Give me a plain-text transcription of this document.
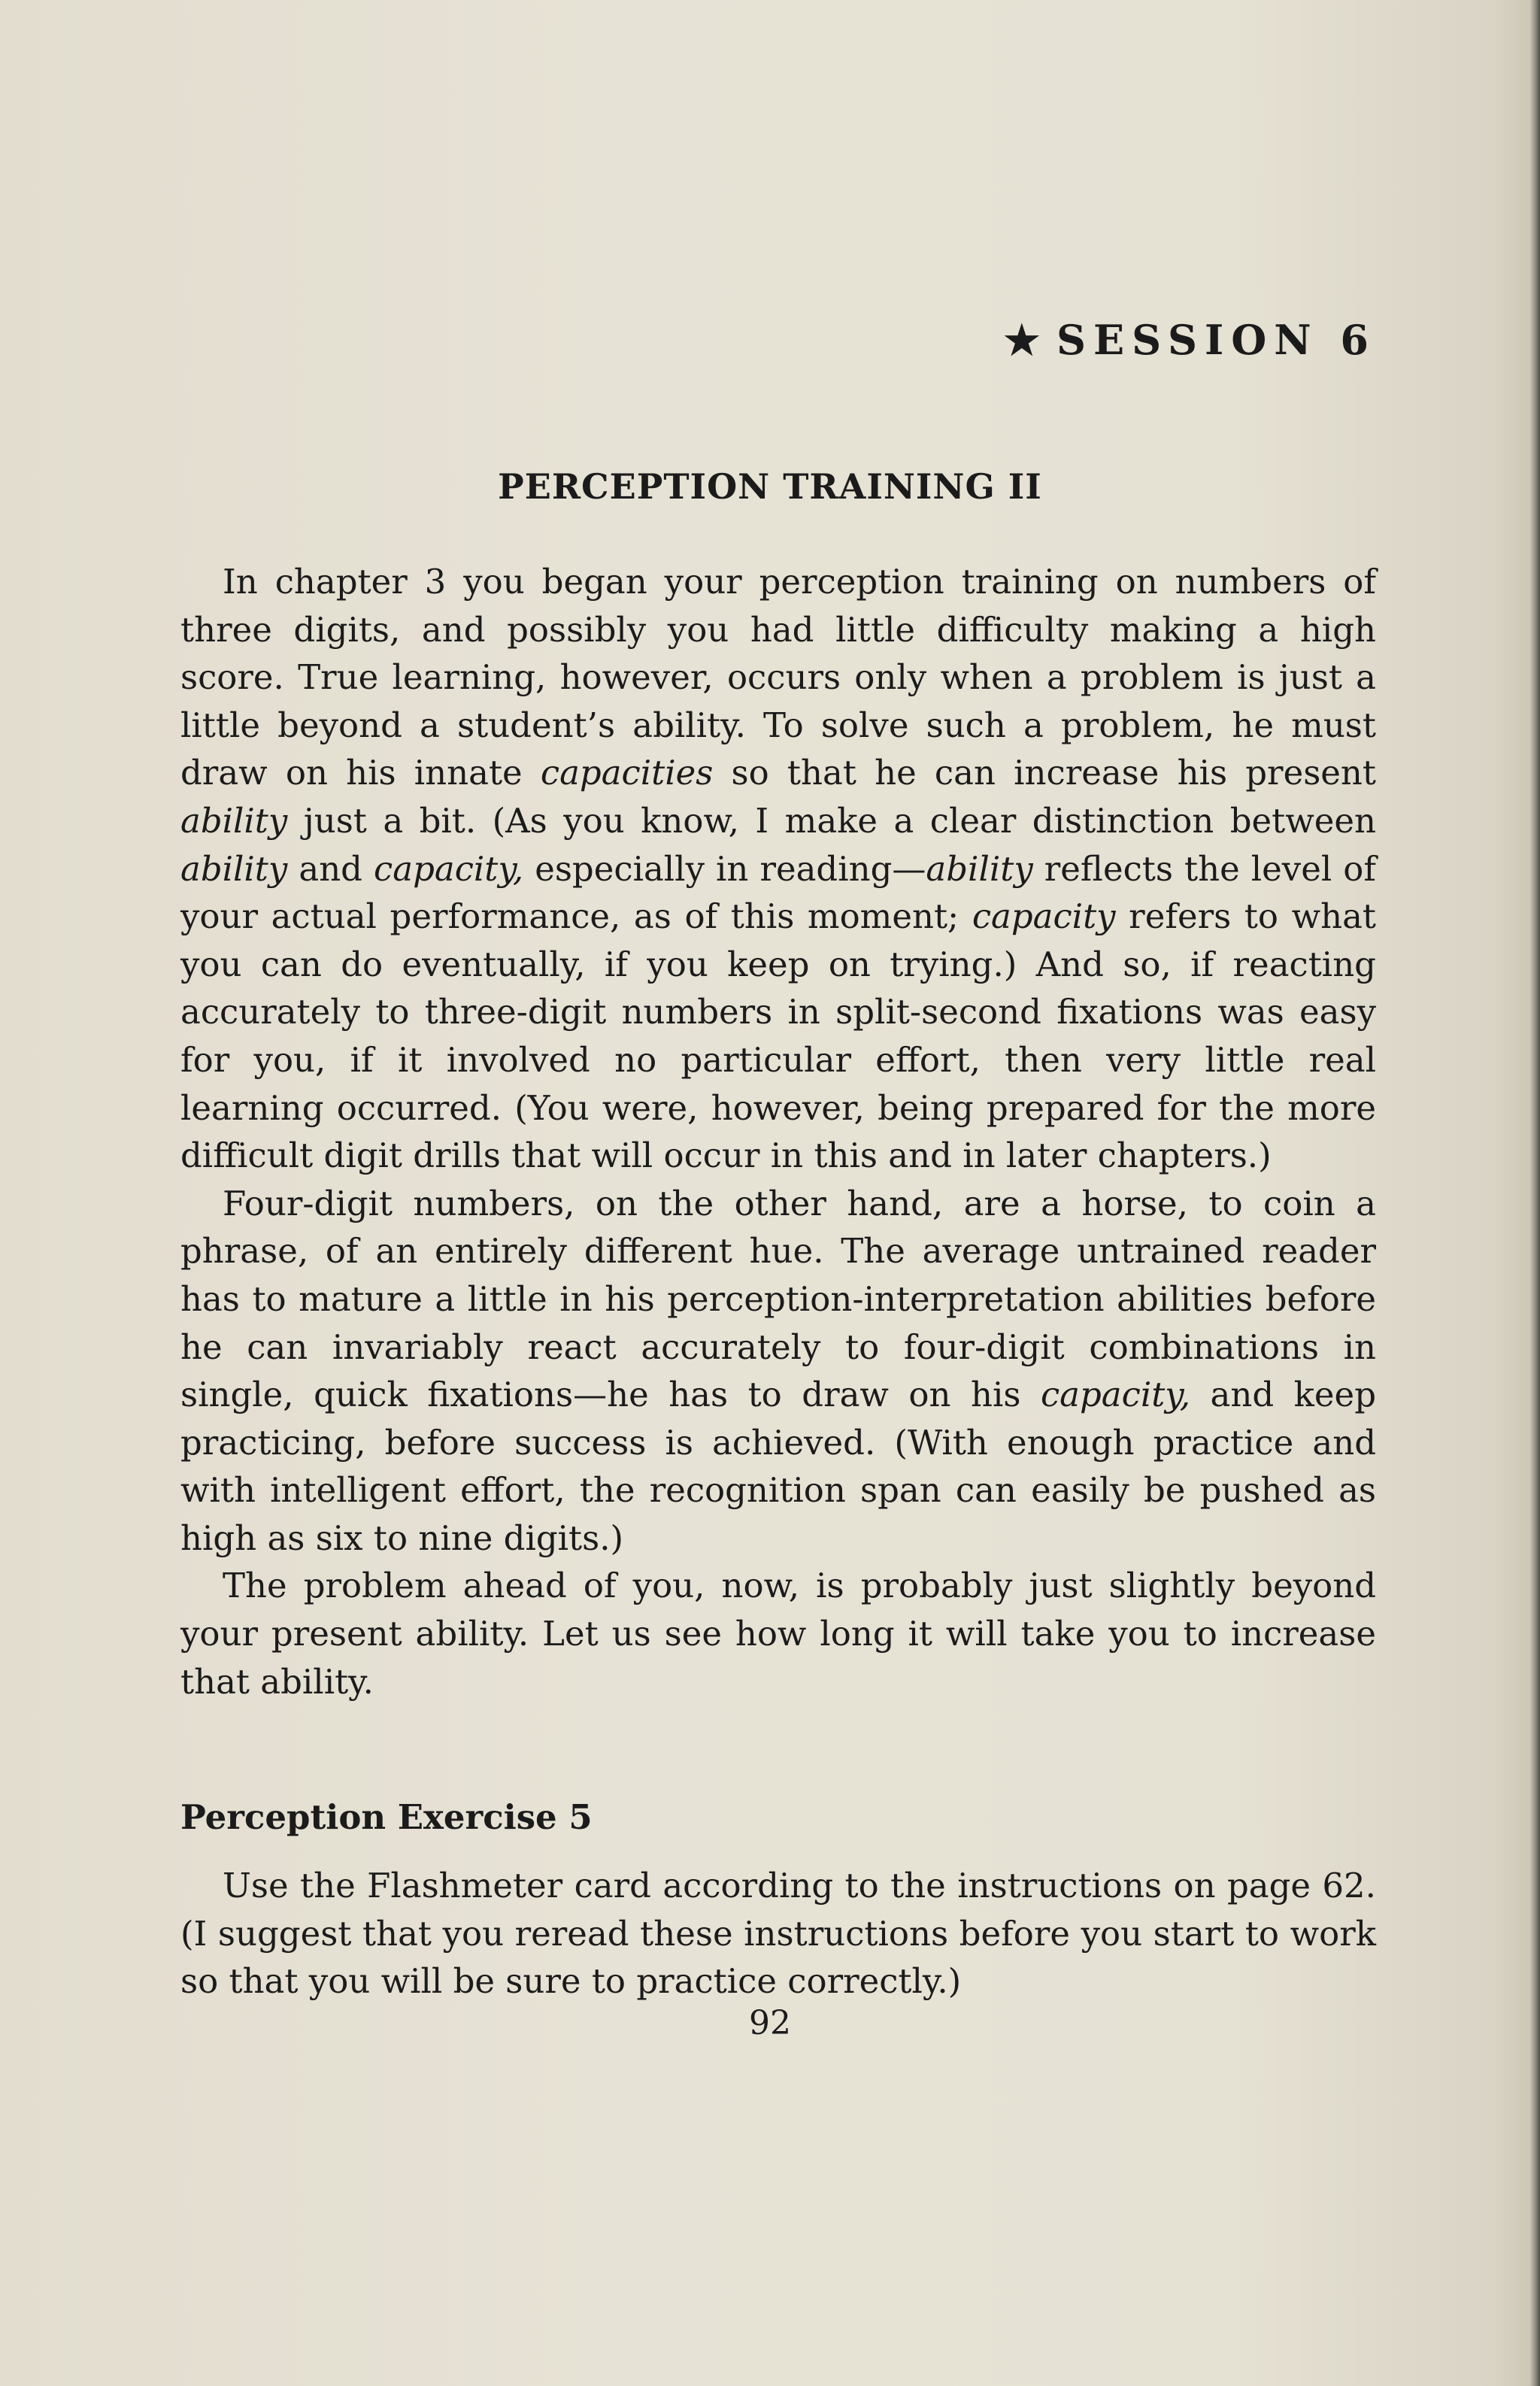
★ SESSION 6
PERCEPTION TRAINING II

In chapter 3 you began your perception training on numbers of three digits, and possibly you had little difficulty making a high score. True learning, however, occurs only when a problem is just a little beyond a student’s ability. To solve such a problem, he must draw on his innate capacities so that he can increase his present ability just a bit. (As you know, I make a clear distinction between ability and capacity, especially in reading—ability reflects the level of your actual performance, as of this moment; capacity refers to what you can do eventually, if you keep on trying.) And so, if reacting accurately to three-digit numbers in split-second fixations was easy for you, if it involved no particular effort, then very little real learning occurred. (You were, however, being prepared for the more difficult digit drills that will occur in this and in later chapters.)

Four-digit numbers, on the other hand, are a horse, to coin a phrase, of an entirely different hue. The average untrained reader has to mature a little in his perception-interpretation abilities before he can invariably react accurately to four-digit combinations in single, quick fixations—he has to draw on his capacity, and keep practicing, before success is achieved. (With enough practice and with intelligent effort, the recognition span can easily be pushed as high as six to nine digits.)

The problem ahead of you, now, is probably just slightly beyond your present ability. Let us see how long it will take you to increase that ability.

Perception Exercise 5

Use the Flashmeter card according to the instructions on page 62. (I suggest that you reread these instructions before you start to work so that you will be sure to practice correctly.)

92
